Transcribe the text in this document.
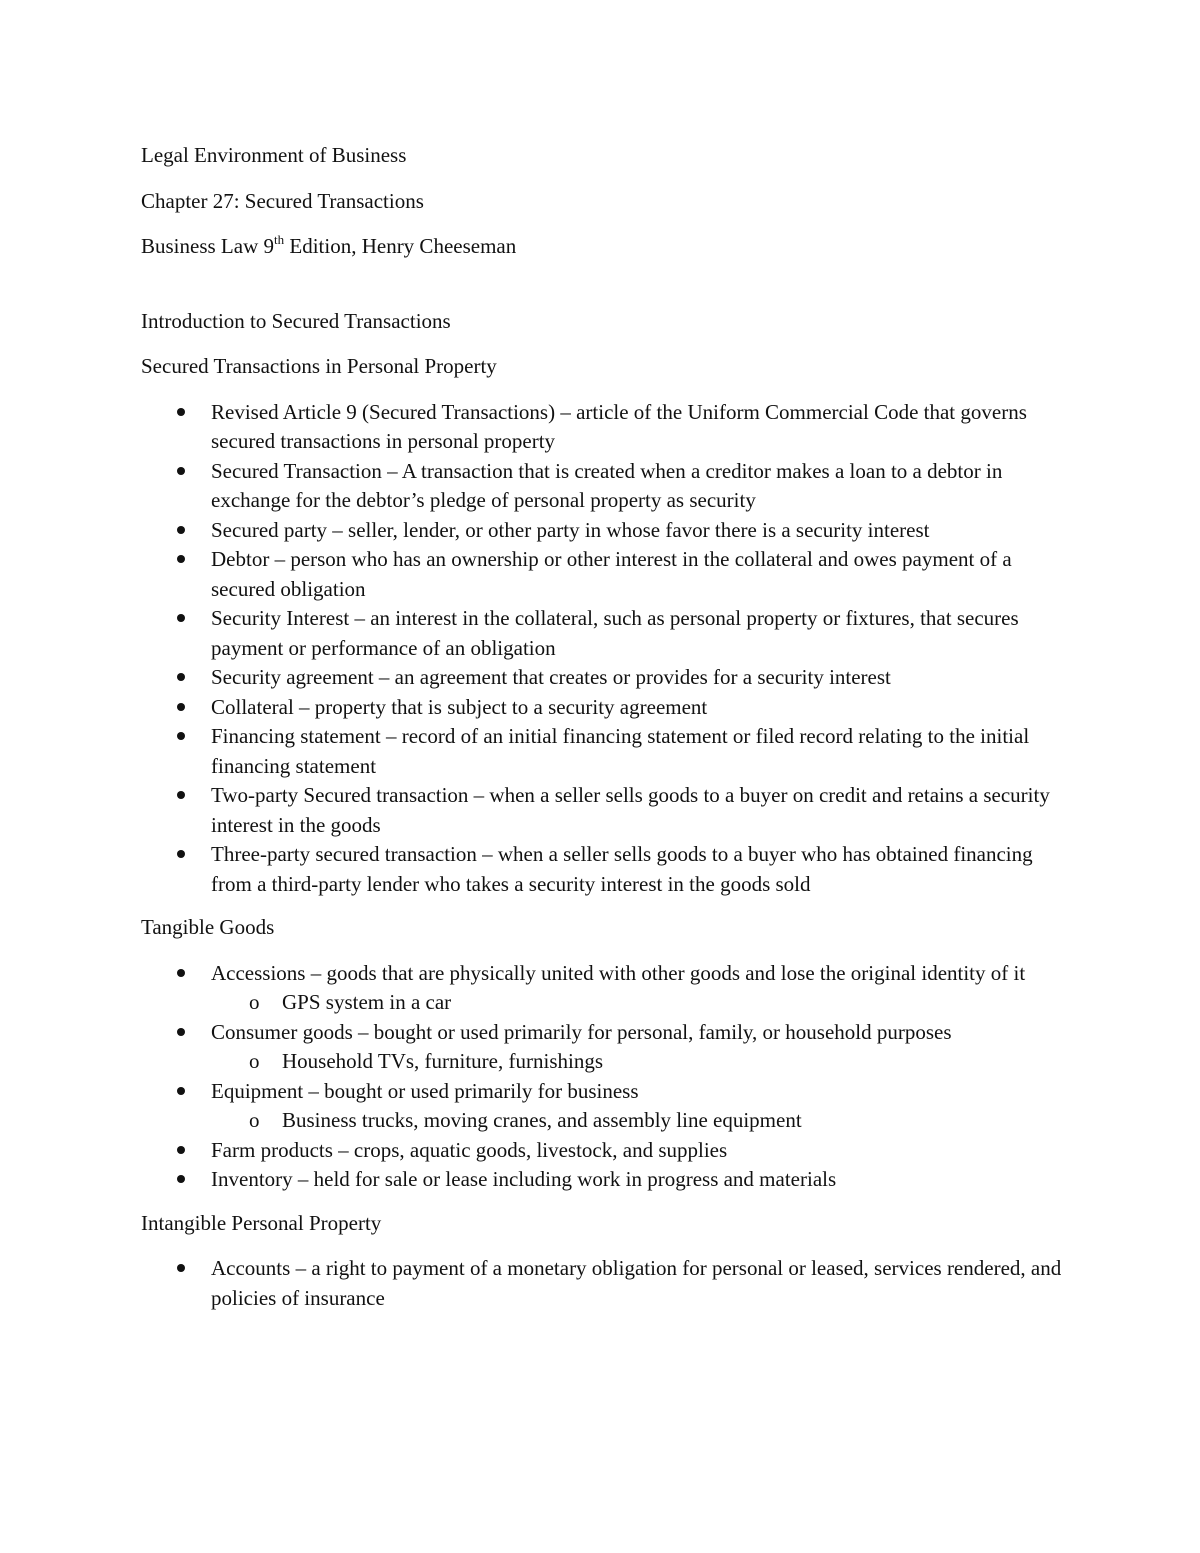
Legal Environment of Business

Chapter 27: Secured Transactions

Business Law 9th Edition, Henry Cheeseman

Introduction to Secured Transactions

Secured Transactions in Personal Property

Revised Article 9 (Secured Transactions) – article of the Uniform Commercial Code that governs secured transactions in personal property
Secured Transaction – A transaction that is created when a creditor makes a loan to a debtor in exchange for the debtor’s pledge of personal property as security
Secured party – seller, lender, or other party in whose favor there is a security interest
Debtor – person who has an ownership or other interest in the collateral and owes payment of a secured obligation
Security Interest – an interest in the collateral, such as personal property or fixtures, that secures payment or performance of an obligation
Security agreement – an agreement that creates or provides for a security interest
Collateral – property that is subject to a security agreement
Financing statement – record of an initial financing statement or filed record relating to the initial financing statement
Two-party Secured transaction – when a seller sells goods to a buyer on credit and retains a security interest in the goods
Three-party secured transaction – when a seller sells goods to a buyer who has obtained financing from a third-party lender who takes a security interest in the goods sold

Tangible Goods

Accessions – goods that are physically united with other goods and lose the original identity of it
o GPS system in a car
Consumer goods – bought or used primarily for personal, family, or household purposes
o Household TVs, furniture, furnishings
Equipment – bought or used primarily for business
o Business trucks, moving cranes, and assembly line equipment
Farm products – crops, aquatic goods, livestock, and supplies
Inventory – held for sale or lease including work in progress and materials

Intangible Personal Property

Accounts – a right to payment of a monetary obligation for personal or leased, services rendered, and policies of insurance
